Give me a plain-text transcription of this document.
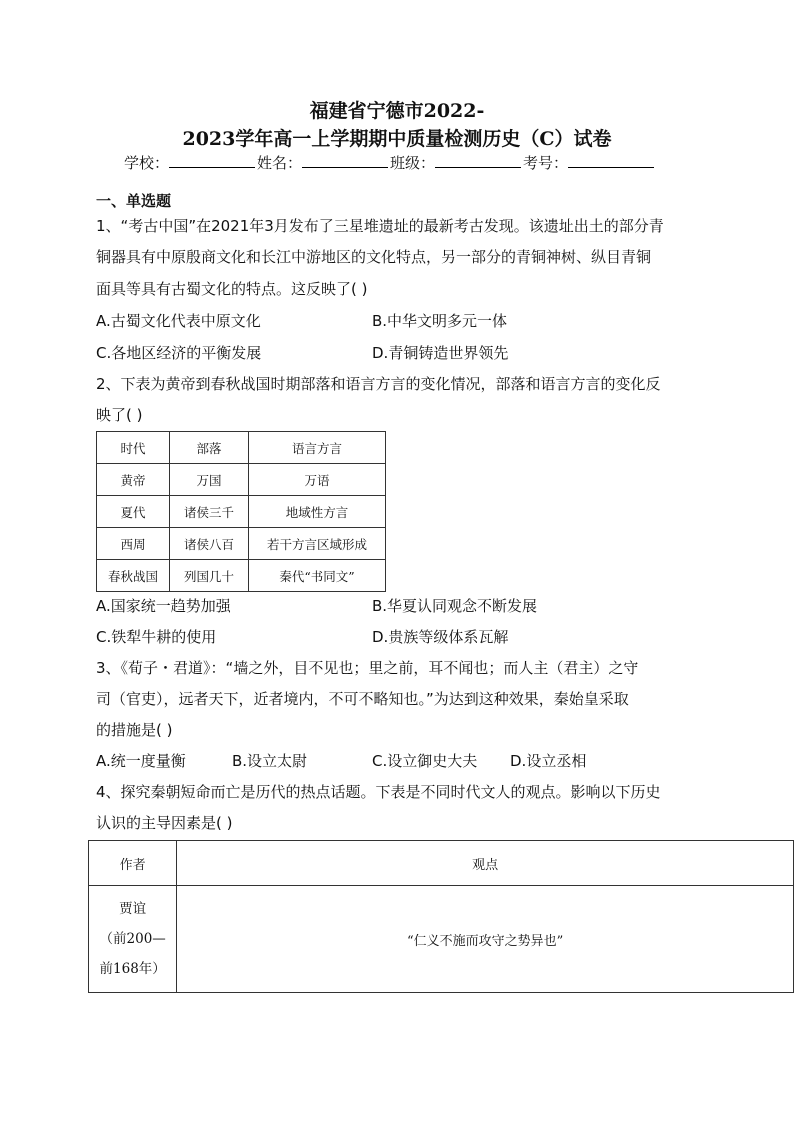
福建省宁德市2022-
2023学年高一上学期期中质量检测历史（C）试卷
学校：	姓名：	班级：	考号：
一、单选题
1、“考古中国”在2021年3月发布了三星堆遗址的最新考古发现。该遗址出土的部分青
铜器具有中原殷商文化和长江中游地区的文化特点，另一部分的青铜神树、纵目青铜
面具等具有古蜀文化的特点。这反映了( )
A.古蜀文化代表中原文化	B.中华文明多元一体
C.各地区经济的平衡发展	D.青铜铸造世界领先
2、下表为黄帝到春秋战国时期部落和语言方言的变化情况，部落和语言方言的变化反
映了( )
时代	部落	语言方言
黄帝	万国	万语
夏代	诸侯三千	地域性方言
西周	诸侯八百	若干方言区域形成
春秋战国	列国几十	秦代“书同文”
A.国家统一趋势加强	B.华夏认同观念不断发展
C.铁犁牛耕的使用	D.贵族等级体系瓦解
3、《荀子・君道》：“墙之外，目不见也；里之前，耳不闻也；而人主（君主）之守
司（官吏），远者天下，近者境内，不可不略知也。”为达到这种效果，秦始皇采取
的措施是( )
A.统一度量衡	B.设立太尉	C.设立御史大夫 D.设立丞相
4、探究秦朝短命而亡是历代的热点话题。下表是不同时代文人的观点。影响以下历史
认识的主导因素是( )
作者	观点

贾谊
（前200—
前168年）	“仁义不施而攻守之势异也”
